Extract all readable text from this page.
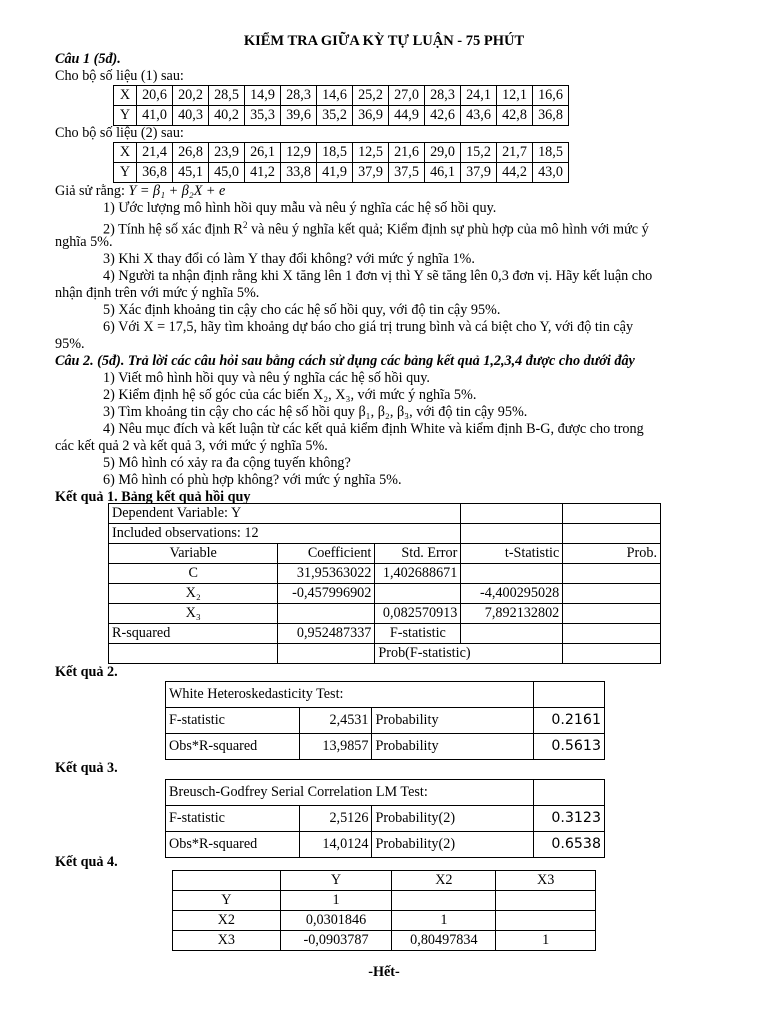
KIỂM TRA GIỮA KỲ TỰ LUẬN - 75 PHÚT
Câu 1 (5đ).
Cho bộ số liệu (1) sau:
X	20,6	20,2	28,5	14,9	28,3	14,6	25,2	27,0	28,3	24,1	12,1	16,6
Y	41,0	40,3	40,2	35,3	39,6	35,2	36,9	44,9	42,6	43,6	42,8	36,8
Cho bộ số liệu (2) sau:
X	21,4	26,8	23,9	26,1	12,9	18,5	12,5	21,6	29,0	15,2	21,7	18,5
Y	36,8	45,1	45,0	41,2	33,8	41,9	37,9	37,5	46,1	37,9	44,2	43,0
Giả sử rằng: Y = β₁ + β₂X + e
1) Ước lượng mô hình hồi quy mẫu và nêu ý nghĩa các hệ số hồi quy.
2) Tính hệ số xác định $R^2$ và nêu ý nghĩa kết quả; Kiểm định sự phù hợp của mô hình với mức ý
nghĩa 5%.
3) Khi X thay đổi có làm Y thay đổi không? với mức ý nghĩa 1%.
4) Người ta nhận định rằng khi X tăng lên 1 đơn vị thì Y sẽ tăng lên 0,3 đơn vị. Hãy kết luận cho
nhận định trên với mức ý nghĩa 5%.
5) Xác định khoảng tin cậy cho các hệ số hồi quy, với độ tin cậy 95%.
6) Với X = 17,5, hãy tìm khoảng dự báo cho giá trị trung bình và cá biệt cho Y, với độ tin cậy
95%.
Câu 2. (5đ). Trả lời các câu hỏi sau bằng cách sử dụng các bảng kết quả 1,2,3,4 được cho dưới đây
1) Viết mô hình hồi quy và nêu ý nghĩa các hệ số hồi quy.
2) Kiểm định hệ số góc của các biến X₂, X₃, với mức ý nghĩa 5%.
3) Tìm khoảng tin cậy cho các hệ số hồi quy β₁, β₂, β₃, với độ tin cậy 95%.
4) Nêu mục đích và kết luận từ các kết quả kiểm định White và kiểm định B-G, được cho trong
các kết quả 2 và kết quả 3, với mức ý nghĩa 5%.
5) Mô hình có xảy ra đa cộng tuyến không?
6) Mô hình có phù hợp không? với mức ý nghĩa 5%.
Kết quả 1. Bảng kết quả hồi quy
Dependent Variable: Y				
Included observations: 12				
Variable	Coefficient	Std. Error	t-Statistic	Prob.
C	31,95363022	1,402688671		
X₂	-0,457996902		-4,400295028	
X₃		0,082570913	7,892132802	
R-squared	0,952487337	F-statistic		
		Prob(F-statistic)		
Kết quả 2.
White Heteroskedasticity Test:			
F-statistic	2,4531	Probability	0.2161
Obs*R-squared	13,9857	Probability	0.5613
Kết quả 3.
Breusch-Godfrey Serial Correlation LM Test:			
F-statistic	2,5126	Probability(2)	0.3123
Obs*R-squared	14,0124	Probability(2)	0.6538
Kết quả 4.
	Y	X2	X3
Y	1		
X2	0,0301846	1	
X3	-0,0903787	0,80497834	1
-Hết-
